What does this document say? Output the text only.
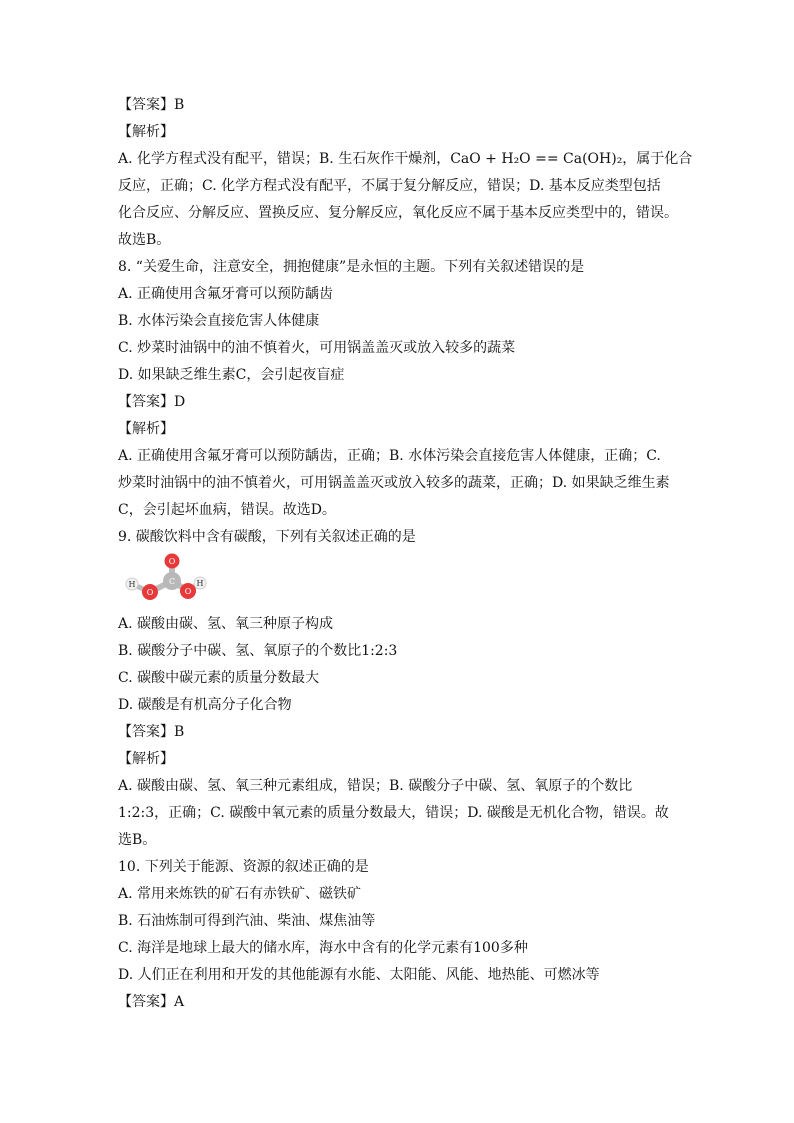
【答案】B
【解析】
A. 化学方程式没有配平，错误；B. 生石灰作干燥剂，CaO + H₂O == Ca(OH)₂，属于化合
反应，正确；C. 化学方程式没有配平，不属于复分解反应，错误；D. 基本反应类型包括
化合反应、分解反应、置换反应、复分解反应，氧化反应不属于基本反应类型中的，错误。
故选B。
8. “关爱生命，注意安全，拥抱健康”是永恒的主题。下列有关叙述错误的是
A. 正确使用含氟牙膏可以预防龋齿
B. 水体污染会直接危害人体健康
C. 炒菜时油锅中的油不慎着火，可用锅盖盖灭或放入较多的蔬菜
D. 如果缺乏维生素C，会引起夜盲症
【答案】D
【解析】
A. 正确使用含氟牙膏可以预防龋齿，正确；B. 水体污染会直接危害人体健康，正确；C.
炒菜时油锅中的油不慎着火，可用锅盖盖灭或放入较多的蔬菜，正确；D. 如果缺乏维生素
C，会引起坏血病，错误。故选D。
9. 碳酸饮料中含有碳酸，下列有关叙述正确的是
H	H
O
C
O	O
A. 碳酸由碳、氢、氧三种原子构成
B. 碳酸分子中碳、氢、氧原子的个数比1:2:3
C. 碳酸中碳元素的质量分数最大
D. 碳酸是有机高分子化合物
【答案】B
【解析】
A. 碳酸由碳、氢、氧三种元素组成，错误；B. 碳酸分子中碳、氢、氧原子的个数比
1:2:3，正确；C. 碳酸中氧元素的质量分数最大，错误；D. 碳酸是无机化合物，错误。故
选B。
10. 下列关于能源、资源的叙述正确的是
A. 常用来炼铁的矿石有赤铁矿、磁铁矿
B. 石油炼制可得到汽油、柴油、煤焦油等
C. 海洋是地球上最大的储水库，海水中含有的化学元素有100多种
D. 人们正在利用和开发的其他能源有水能、太阳能、风能、地热能、可燃冰等
【答案】A
